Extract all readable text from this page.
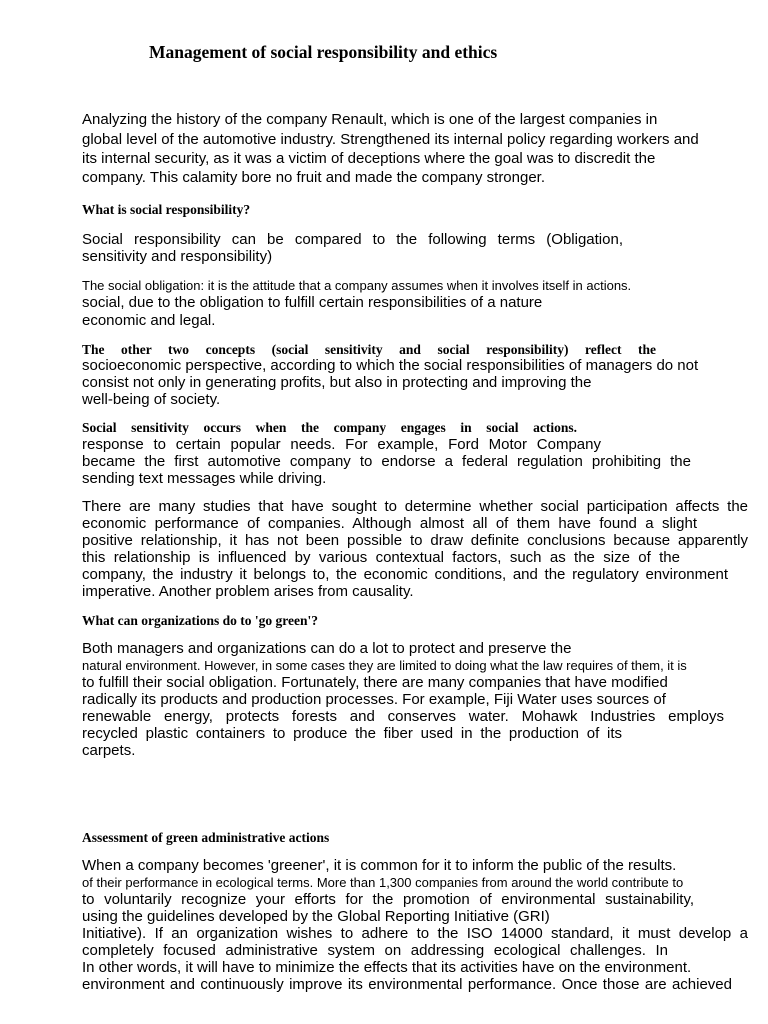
Management of social responsibility and ethics
Analyzing the history of the company Renault, which is one of the largest companies in
global level of the automotive industry. Strengthened its internal policy regarding workers and
its internal security, as it was a victim of deceptions where the goal was to discredit the
company. This calamity bore no fruit and made the company stronger.
What is social responsibility?
Social responsibility can be compared to the following terms (Obligation,
sensitivity and responsibility)
The social obligation: it is the attitude that a company assumes when it involves itself in actions.
social, due to the obligation to fulfill certain responsibilities of a nature
economic and legal.
The other two concepts (social sensitivity and social responsibility) reflect the
socioeconomic perspective, according to which the social responsibilities of managers do not
consist not only in generating profits, but also in protecting and improving the
well-being of society.
Social sensitivity occurs when the company engages in social actions.
response to certain popular needs. For example, Ford Motor Company
became the first automotive company to endorse a federal regulation prohibiting the
sending text messages while driving.
There are many studies that have sought to determine whether social participation affects the
economic performance of companies. Although almost all of them have found a slight
positive relationship, it has not been possible to draw definite conclusions because apparently
this relationship is influenced by various contextual factors, such as the size of the
company, the industry it belongs to, the economic conditions, and the regulatory environment
imperative. Another problem arises from causality.
What can organizations do to 'go green'?
Both managers and organizations can do a lot to protect and preserve the
natural environment. However, in some cases they are limited to doing what the law requires of them, it is
to fulfill their social obligation. Fortunately, there are many companies that have modified
radically its products and production processes. For example, Fiji Water uses sources of
renewable energy, protects forests and conserves water. Mohawk Industries employs
recycled plastic containers to produce the fiber used in the production of its
carpets.
Assessment of green administrative actions
When a company becomes 'greener', it is common for it to inform the public of the results.
of their performance in ecological terms. More than 1,300 companies from around the world contribute to
to voluntarily recognize your efforts for the promotion of environmental sustainability,
using the guidelines developed by the Global Reporting Initiative (GRI)
Initiative). If an organization wishes to adhere to the ISO 14000 standard, it must develop a
completely focused administrative system on addressing ecological challenges. In
In other words, it will have to minimize the effects that its activities have on the environment.
environment and continuously improve its environmental performance. Once those are achieved
